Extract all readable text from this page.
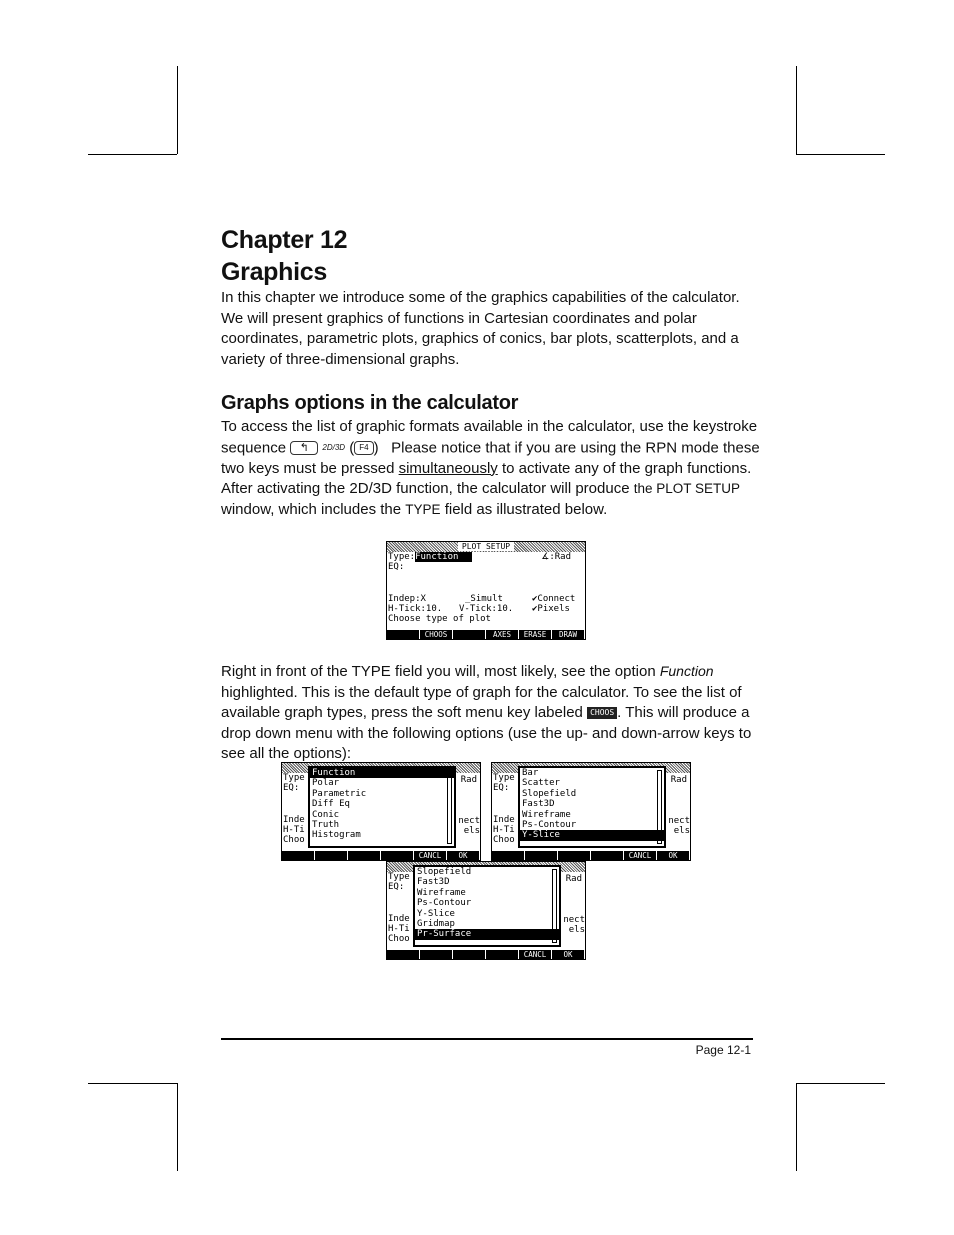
Chapter 12
Graphics

In this chapter we introduce some of the graphics capabilities of the calculator. We will present graphics of functions in Cartesian coordinates and polar coordinates, parametric plots, graphics of conics, bar plots, scatterplots, and a variety of three-dimensional graphs.

Graphs options in the calculator

To access the list of graphic formats available in the calculator, use the keystroke sequence ↰ 2D/3D ( F4 )   Please notice that if you are using the RPN mode these two keys must be pressed simultaneously to activate any of the graph functions. After activating the 2D/3D function, the calculator will produce the PLOT SETUP window, which includes the TYPE field as illustrated below.

PLOT SETUP
Type:Function	∡:Rad
EQ:

Indep:X	_Simult	✔Connect
H-Tick:10. V-Tick:10. ✔Pixels
Choose type of plot
CHOOS	AXES	ERASE	DRAW

Right in front of the TYPE field you will, most likely, see the option Function highlighted. This is the default type of graph for the calculator. To see the list of available graph types, press the soft menu key labeled CHOOS . This will produce a drop down menu with the following options (use the up- and down-arrow keys to see all the options):

Type
EQ:

Inde
H-Ti
Choo
Rad
nect
els
Function
Polar
Parametric
Diff Eq
Conic
Truth
Histogram
CANCL	OK
Type
EQ:

Inde
H-Ti
Choo
Rad
nect
els
Bar
Scatter
Slopefield
Fast3D
Wireframe
Ps-Contour
Y-Slice
CANCL	OK
Type
EQ:

Inde
H-Ti
Choo
Rad
nect
els
Slopefield
Fast3D
Wireframe
Ps-Contour
Y-Slice
Gridmap
Pr-Surface
CANCL	OK
Page 12-1
